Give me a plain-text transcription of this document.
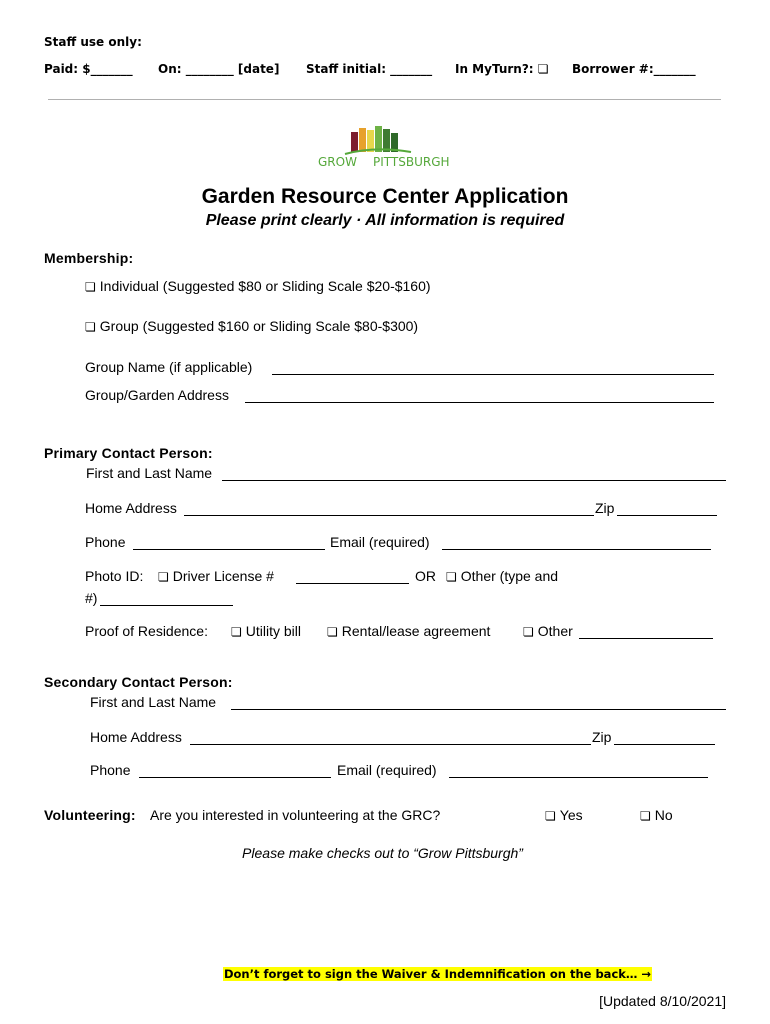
Staff use only:
Paid: $_______ On: ________ [date] Staff initial: _______ In MyTurn?: ❏ Borrower #:_______
GROW PITTSBURGH
Garden Resource Center Application
Please print clearly · All information is required
Membership:
❏ Individual (Suggested $80 or Sliding Scale $20-$160)
❏ Group (Suggested $160 or Sliding Scale $80-$300)
Group Name (if applicable)
Group/Garden Address
Primary Contact Person:
First and Last Name
Home Address	Zip
Phone	Email (required)
Photo ID: ❏ Driver License #	OR ❏ Other (type and
#)
Proof of Residence: ❏ Utility bill ❏ Rental/lease agreement	❏ Other
Secondary Contact Person:
First and Last Name
Home Address	Zip
Phone	Email (required)
Volunteering: Are you interested in volunteering at the GRC?	❏ Yes	❏ No
Please make checks out to “Grow Pittsburgh”
Don’t forget to sign the Waiver & Indemnification on the back… →
[Updated 8/10/2021]
